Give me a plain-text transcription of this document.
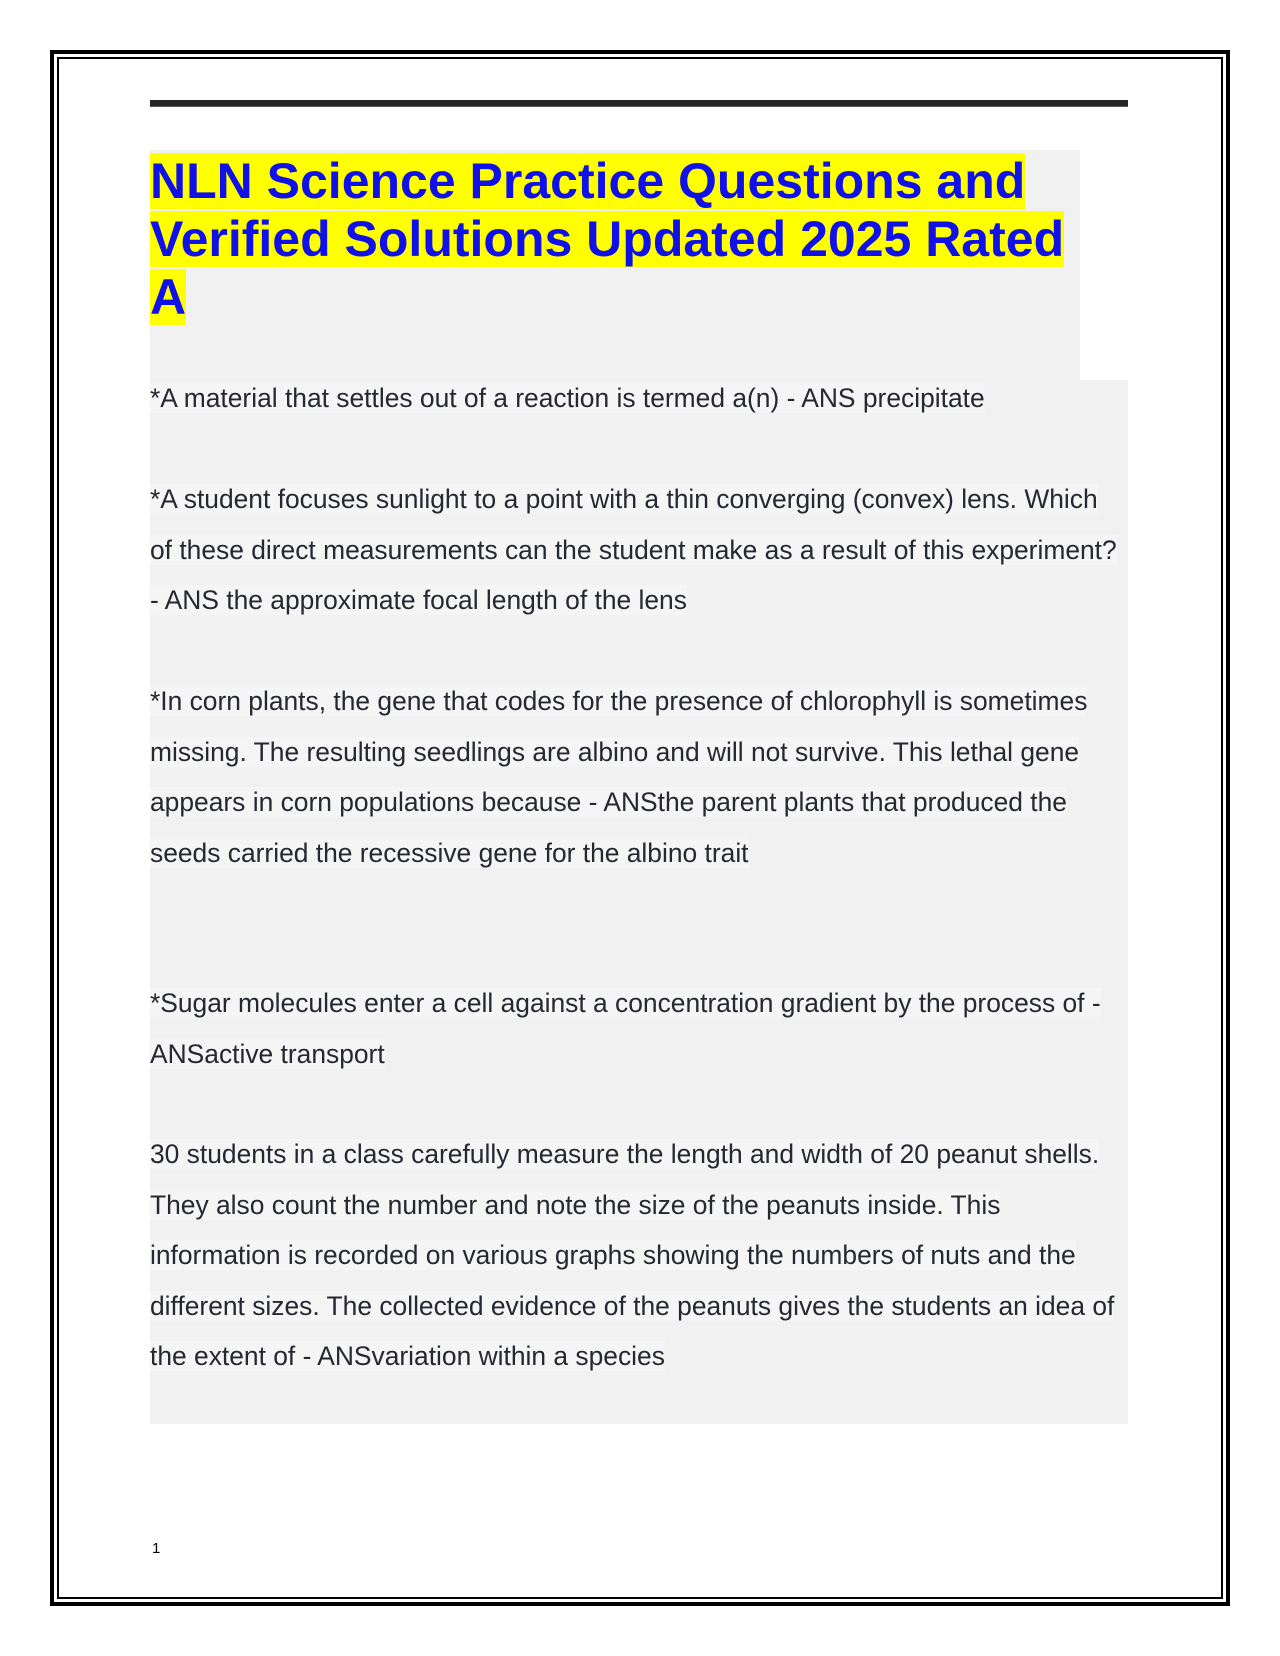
NLN Science Practice Questions and Verified Solutions Updated 2025 Rated A

*A material that settles out of a reaction is termed a(n) - ANS precipitate

*A student focuses sunlight to a point with a thin converging (convex) lens. Which of these direct measurements can the student make as a result of this experiment? - ANS the approximate focal length of the lens

*In corn plants, the gene that codes for the presence of chlorophyll is sometimes missing. The resulting seedlings are albino and will not survive. This lethal gene appears in corn populations because - ANSthe parent plants that produced the seeds carried the recessive gene for the albino trait

*Sugar molecules enter a cell against a concentration gradient by the process of - ANSactive transport

30 students in a class carefully measure the length and width of 20 peanut shells. They also count the number and note the size of the peanuts inside. This information is recorded on various graphs showing the numbers of nuts and the different sizes. The collected evidence of the peanuts gives the students an idea of the extent of - ANSvariation within a species

1
